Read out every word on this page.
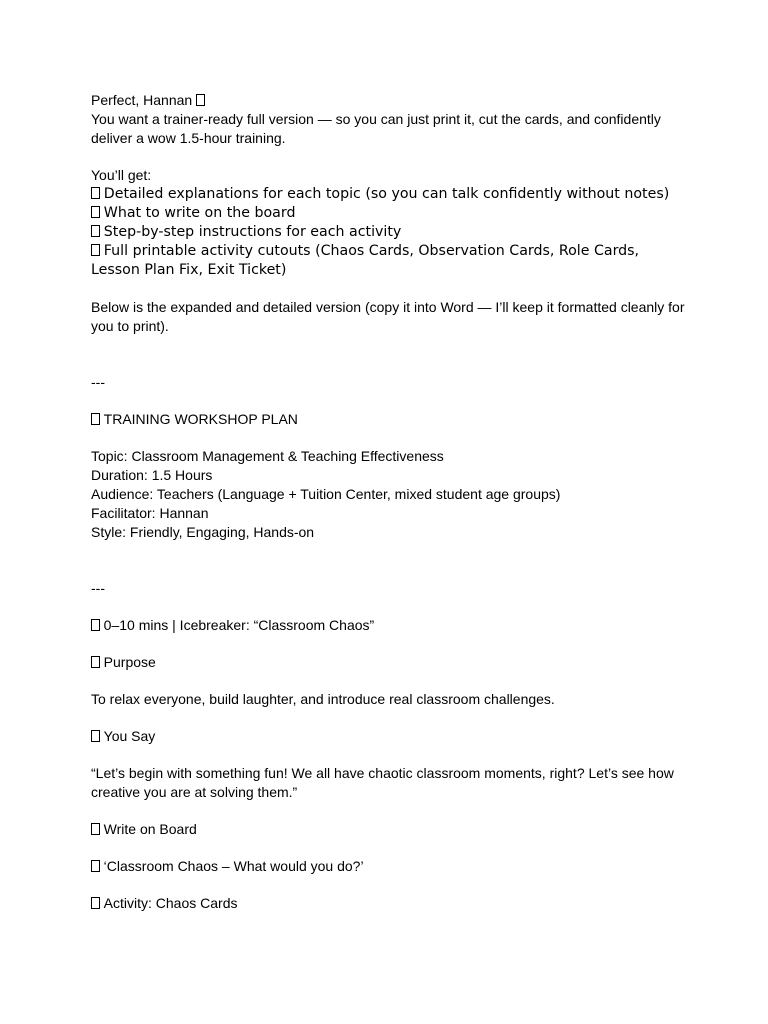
Perfect, Hannan

You want a trainer-ready full version — so you can just print it, cut the cards, and confidently deliver a wow 1.5-hour training.

You’ll get:

Detailed explanations for each topic (so you can talk confidently without notes)

What to write on the board

Step-by-step instructions for each activity

Full printable activity cutouts (Chaos Cards, Observation Cards, Role Cards, Lesson Plan Fix, Exit Ticket)

Below is the expanded and detailed version (copy it into Word — I’ll keep it formatted cleanly for you to print).

---

TRAINING WORKSHOP PLAN

Topic: Classroom Management & Teaching Effectiveness

Duration: 1.5 Hours

Audience: Teachers (Language + Tuition Center, mixed student age groups)

Facilitator: Hannan

Style: Friendly, Engaging, Hands-on

---

0–10 mins | Icebreaker: “Classroom Chaos”

Purpose

To relax everyone, build laughter, and introduce real classroom challenges.

You Say

“Let’s begin with something fun! We all have chaotic classroom moments, right? Let’s see how creative you are at solving them.”

Write on Board

‘Classroom Chaos – What would you do?’

Activity: Chaos Cards
